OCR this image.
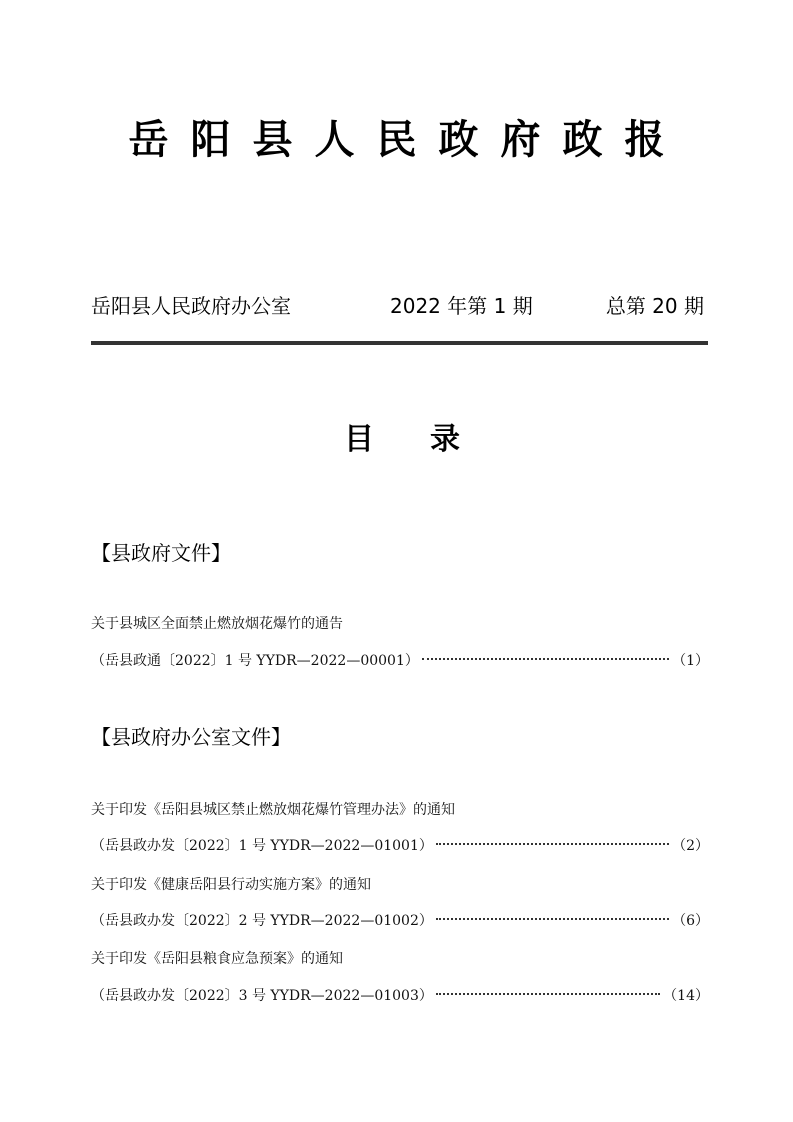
岳阳县人民政府政报
岳阳县人民政府办公室	2022 年第 1 期	总第 20 期
目 录
【县政府文件】
关于县城区全面禁止燃放烟花爆竹的通告
（岳县政通〔2022〕1 号 YYDR—2022—00001）	（1）
【县政府办公室文件】
关于印发《岳阳县城区禁止燃放烟花爆竹管理办法》的通知
（岳县政办发〔2022〕1 号 YYDR—2022—01001）	（2）
关于印发《健康岳阳县行动实施方案》的通知
（岳县政办发〔2022〕2 号 YYDR—2022—01002）	（6）
关于印发《岳阳县粮食应急预案》的通知
（岳县政办发〔2022〕3 号 YYDR—2022—01003）	（14）
